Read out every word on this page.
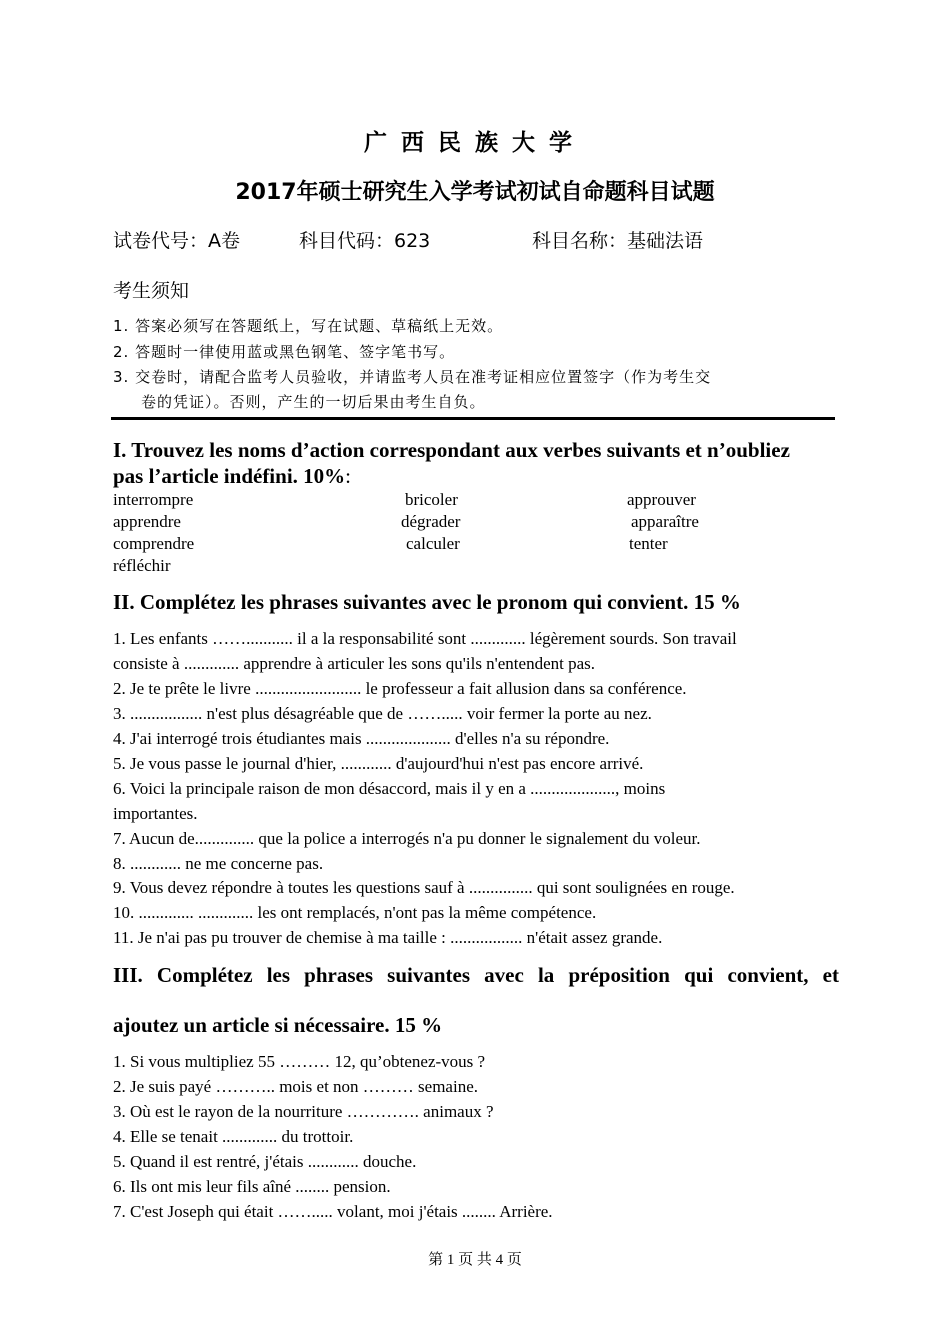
广西民族大学
2017年硕士研究生入学考试初试自命题科目试题
试卷代号：A卷	科目代码：623	科目名称：基础法语
考生须知
1. 答案必须写在答题纸上，写在试题、草稿纸上无效。
2. 答题时一律使用蓝或黑色钢笔、签字笔书写。
3. 交卷时，请配合监考人员验收，并请监考人员在准考证相应位置签字（作为考生交
卷的凭证）。否则，产生的一切后果由考生自负。
I. Trouvez les noms d’action correspondant aux verbes suivants et n’oubliez
pas l’article indéfini. 10%:
interrompre	bricoler	approuver
apprendre	dégrader	apparaître
comprendre	calculer	tenter
réfléchir
II. Complétez les phrases suivantes avec le pronom qui convient. 15 %
1. Les enfants ……........... il a la responsabilité sont ............. légèrement sourds. Son travail
consiste à ............. apprendre à articuler les sons qu'ils n'entendent pas.
2. Je te prête le livre ......................... le professeur a fait allusion dans sa conférence.
3. ................. n'est plus désagréable que de ……..... voir fermer la porte au nez.
4. J'ai interrogé trois étudiantes mais .................... d'elles n'a su répondre.
5. Je vous passe le journal d'hier, ............ d'aujourd'hui n'est pas encore arrivé.
6. Voici la principale raison de mon désaccord, mais il y en a ...................., moins
importantes.
7. Aucun de.............. que la police a interrogés n'a pu donner le signalement du voleur.
8. ............ ne me concerne pas.
9. Vous devez répondre à toutes les questions sauf à ............... qui sont soulignées en rouge.
10. ............. ............. les ont remplacés, n'ont pas la même compétence.
11. Je n'ai pas pu trouver de chemise à ma taille : ................. n'était assez grande.
III. Complétez les phrases suivantes avec la préposition qui convient, et
ajoutez un article si nécessaire. 15 %
1. Si vous multipliez 55 ……… 12, qu’obtenez-vous ?
2. Je suis payé ……….. mois et non ……… semaine.
3. Où est le rayon de la nourriture …………. animaux ?
4. Elle se tenait ............. du trottoir.
5. Quand il est rentré, j'étais ............ douche.
6. Ils ont mis leur fils aîné ........ pension.
7. C'est Joseph qui était ……..... volant, moi j'étais ........ Arrière.
第 1 页 共 4 页
